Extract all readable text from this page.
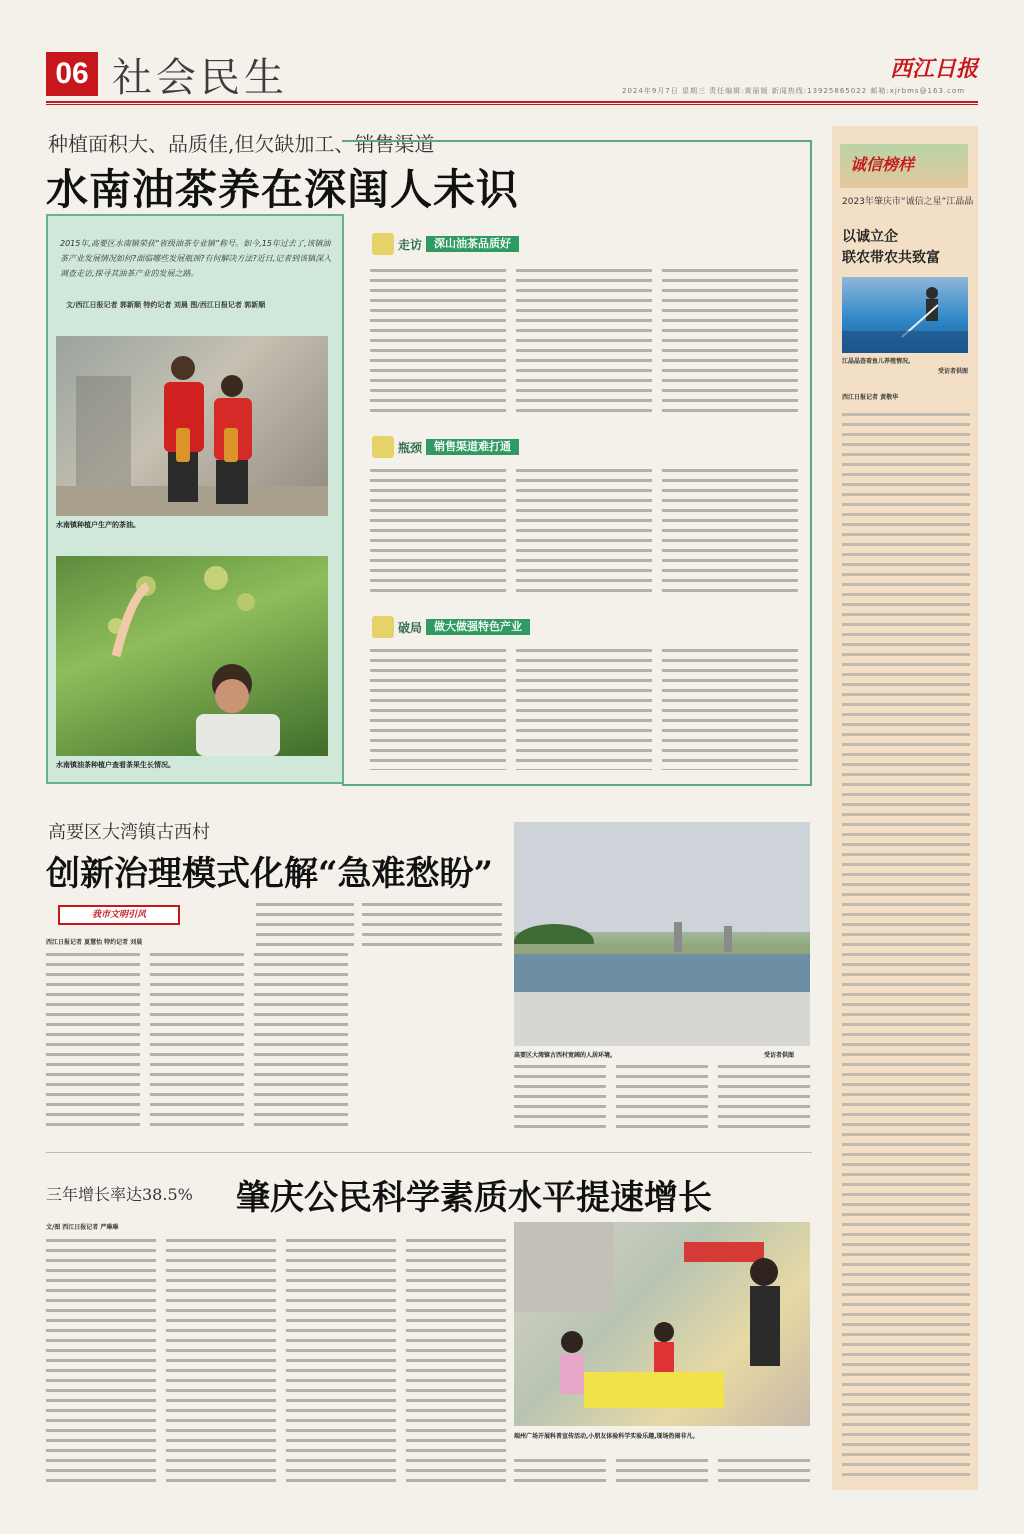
06 社会民生	西江日报
2024年9月7日 星期三 责任编辑:黄丽媛 新闻热线:13925865022 邮箱:xjrbms@163.com
种植面积大、品质佳,但欠缺加工、销售渠道
水南油茶养在深闺人未识
2015年,高要区水南镇荣获“省级油茶专业镇”称号。如今,15年过去了,该镇油茶产业发展情况如何?面临哪些发展瓶颈?有何解决方法?近日,记者到该镇深入调查走访,探寻其油茶产业的发展之路。
文/西江日报记者 郭新顺 特约记者 刘晨 图/西江日报记者 郭新顺
水南镇种植户生产的茶油。
水南镇油茶种植户查看茶果生长情况。
走访	深山油茶品质好
瓶颈	销售渠道难打通
破局	做大做强特色产业
诚信榜样
2023年肇庆市“诚信之星”江晶晶
以诚立企
联农带农共致富
江晶晶查看鱼儿养殖情况。
受访者供图
西江日报记者 黄敬华
高要区大湾镇古西村
创新治理模式化解“急难愁盼”
我市文明引风
西江日报记者 夏慧怡 特约记者 刘晨
高要区大湾镇古西村宽阔的人居环境。	受访者供图
三年增长率达38.5% 肇庆公民科学素质水平提速增长
文/图 西江日报记者 严琳琳
端州广场开展科普宣传活动,小朋友体验科学实验乐趣,现场热闹非凡。
